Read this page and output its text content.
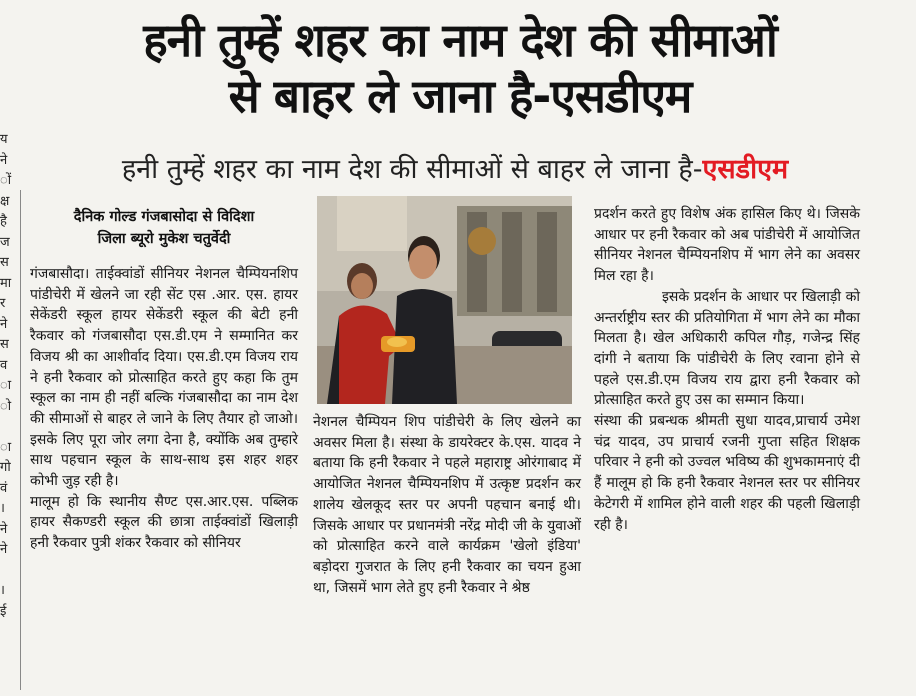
य
ने
ों
क्ष
है
ज
स
मा
र
ने
स
व
ा
ो
ा
गो
वं
।
ने
ने
।
ई
हनी तुम्हें शहर का नाम देश की सीमाओं
से बाहर ले जाना है-एसडीएम
हनी तुम्हें शहर का नाम देश की सीमाओं से बाहर ले जाना है-एसडीएम
दैनिक गोल्ड गंजबासोदा से विदिशा
जिला ब्यूरो मुकेश चतुर्वेदी

गंजबासौदा। ताईक्वांडों सीनियर नेशनल चैम्पियनशिप पांडीचेरी में खेलने जा रही सेंट एस .आर. एस. हायर सेकेंडरी स्कूल हायर सेकेंडरी स्कूल की बेटी हनी रैकवार को गंजबासौदा एस.डी.एम ने सम्मानित कर विजय श्री का आशीर्वाद दिया। एस.डी.एम विजय राय ने हनी रैकवार को प्रोत्साहित करते हुए कहा कि तुम स्कूल का नाम ही नहीं बल्कि गंजबासौदा का नाम देश की सीमाओं से बाहर ले जाने के लिए तैयार हो जाओ। इसके लिए पूरा जोर लगा देना है, क्योंकि अब तुम्हारे साथ पहचान स्कूल के साथ-साथ इस शहर शहर कोभी जुड़ रही है।

मालूम हो कि स्थानीय सैण्ट एस.आर.एस. पब्लिक हायर सैकण्डरी स्कूल की छात्रा ताईक्वांडों खिलाड़ी हनी रैकवार पुत्री शंकर रैकवार को सीनियर

नेशनल चैम्पियन शिप पांडीचेरी के लिए खेलने का अवसर मिला है। संस्था के डायरेक्टर के.एस. यादव ने बताया कि हनी रैकवार ने पहले महाराष्ट्र ओरंगाबाद में आयोजित नेशनल चैम्पियनशिप में उत्कृष्ट प्रदर्शन कर शालेय खेलकूद स्तर पर अपनी पहचान बनाई थी। जिसके आधार पर प्रधानमंत्री नरेंद्र मोदी जी के युवाओं को प्रोत्साहित करने वाले कार्यक्रम 'खेलो इंडिया' बड़ोदरा गुजरात के लिए हनी रैकवार का चयन हुआ था, जिसमें भाग लेते हुए हनी रैकवार ने श्रेष्ठ

प्रदर्शन करते हुए विशेष अंक हासिल किए थे। जिसके आधार पर हनी रैकवार को अब पांडीचेरी में आयोजित सीनियर नेशनल चैम्पियनशिप में भाग लेने का अवसर मिल रहा है।

इसके प्रदर्शन के आधार पर खिलाड़ी को अन्तर्राष्ट्रीय स्तर की प्रतियोगिता में भाग लेने का मौका मिलता है। खेल अधिकारी कपिल गौड़, गजेन्द्र सिंह दांगी ने बताया कि पांडीचेरी के लिए रवाना होने से पहले एस.डी.एम विजय राय द्वारा हनी रैकवार को प्रोत्साहित करते हुए उस का सम्मान किया।

संस्था की प्रबन्धक श्रीमती सुधा यादव,प्राचार्य उमेश चंद्र यादव, उप प्राचार्य रजनी गुप्ता सहित शिक्षक परिवार ने हनी को उज्वल भविष्य की शुभकामनाएं दी हैं मालूम हो कि हनी रैकवार नेशनल स्तर पर सीनियर केटेगरी में शामिल होने वाली शहर की पहली खिलाड़ी रही है।
